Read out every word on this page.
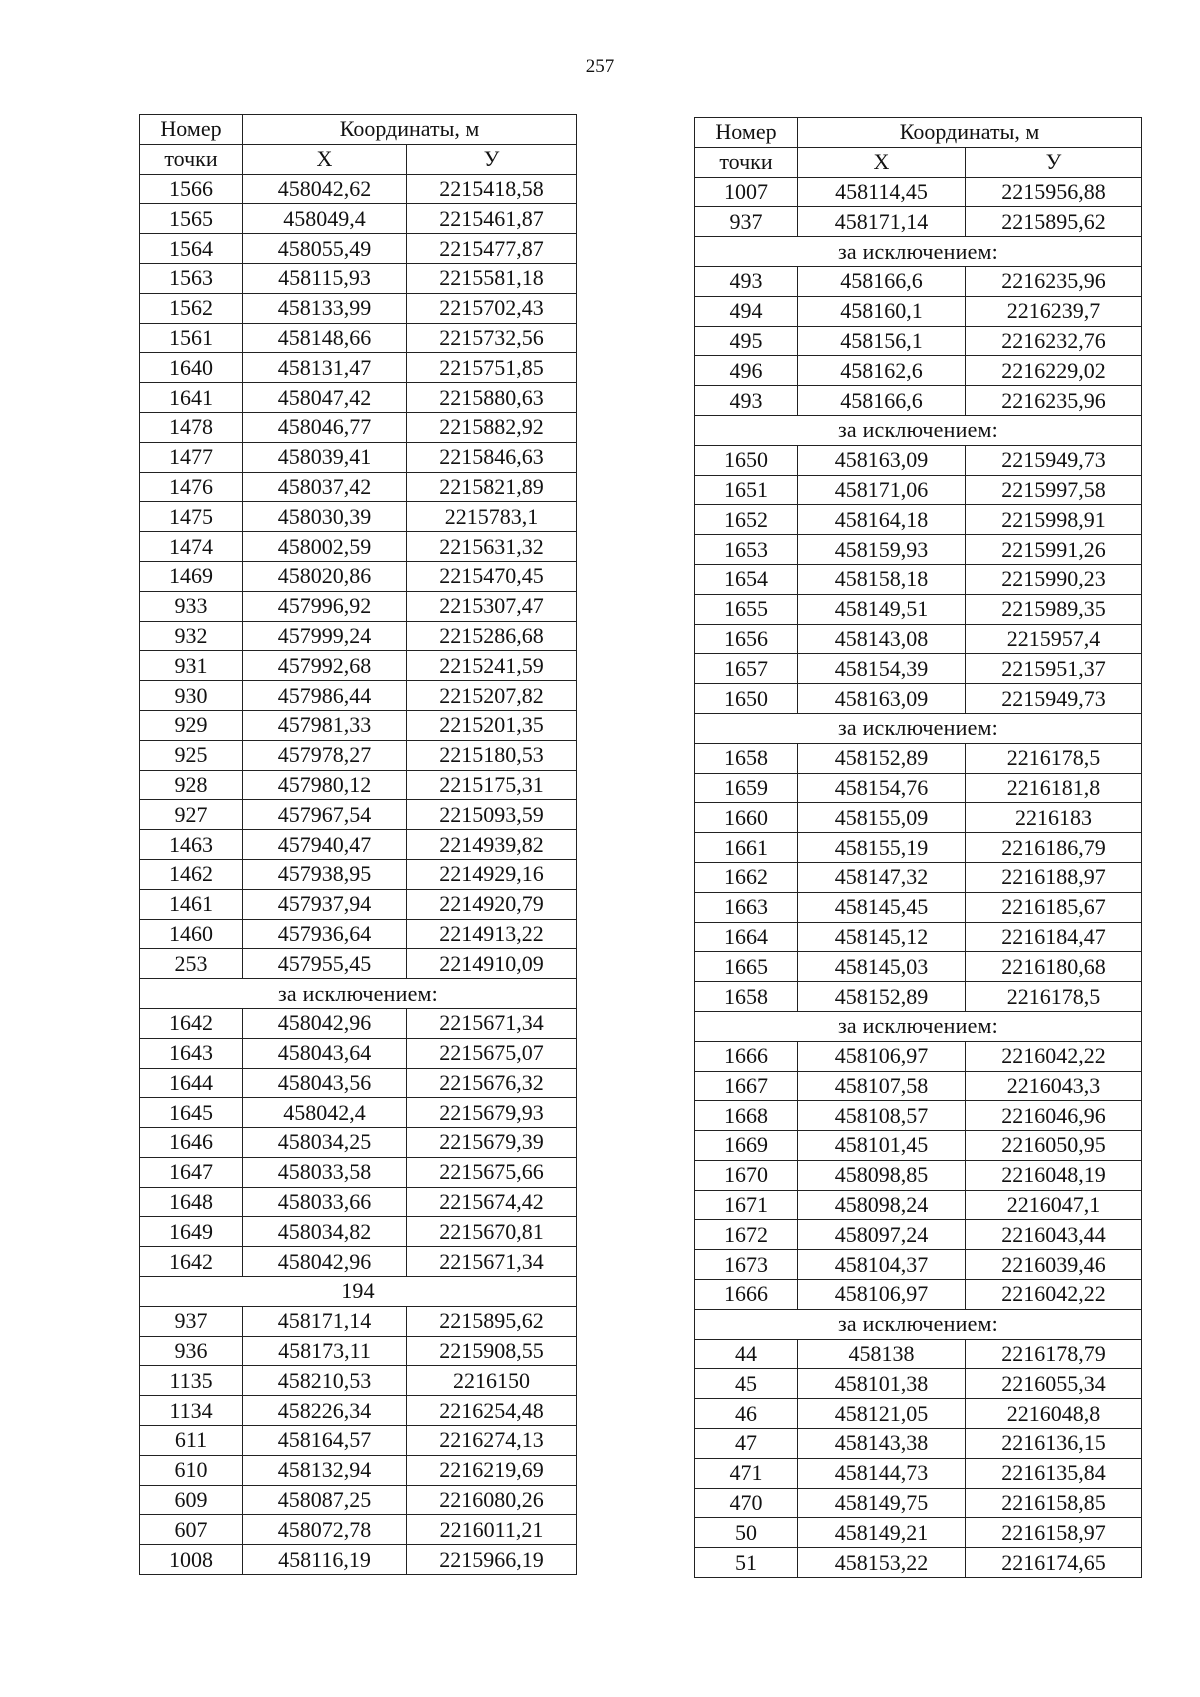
257
Номер	Координаты, м	
точки	Х	У
1566	458042,62	2215418,58
1565	458049,4	2215461,87
1564	458055,49	2215477,87
1563	458115,93	2215581,18
1562	458133,99	2215702,43
1561	458148,66	2215732,56
1640	458131,47	2215751,85
1641	458047,42	2215880,63
1478	458046,77	2215882,92
1477	458039,41	2215846,63
1476	458037,42	2215821,89
1475	458030,39	2215783,1
1474	458002,59	2215631,32
1469	458020,86	2215470,45
933	457996,92	2215307,47
932	457999,24	2215286,68
931	457992,68	2215241,59
930	457986,44	2215207,82
929	457981,33	2215201,35
925	457978,27	2215180,53
928	457980,12	2215175,31
927	457967,54	2215093,59
1463	457940,47	2214939,82
1462	457938,95	2214929,16
1461	457937,94	2214920,79
1460	457936,64	2214913,22
253	457955,45	2214910,09
за исключением:		
1642	458042,96	2215671,34
1643	458043,64	2215675,07
1644	458043,56	2215676,32
1645	458042,4	2215679,93
1646	458034,25	2215679,39
1647	458033,58	2215675,66
1648	458033,66	2215674,42
1649	458034,82	2215670,81
1642	458042,96	2215671,34
194		
937	458171,14	2215895,62
936	458173,11	2215908,55
1135	458210,53	2216150
1134	458226,34	2216254,48
611	458164,57	2216274,13
610	458132,94	2216219,69
609	458087,25	2216080,26
607	458072,78	2216011,21
1008	458116,19	2215966,19
Номер	Координаты, м	
точки	Х	У
1007	458114,45	2215956,88
937	458171,14	2215895,62
за исключением:		
493	458166,6	2216235,96
494	458160,1	2216239,7
495	458156,1	2216232,76
496	458162,6	2216229,02
493	458166,6	2216235,96
за исключением:		
1650	458163,09	2215949,73
1651	458171,06	2215997,58
1652	458164,18	2215998,91
1653	458159,93	2215991,26
1654	458158,18	2215990,23
1655	458149,51	2215989,35
1656	458143,08	2215957,4
1657	458154,39	2215951,37
1650	458163,09	2215949,73
за исключением:		
1658	458152,89	2216178,5
1659	458154,76	2216181,8
1660	458155,09	2216183
1661	458155,19	2216186,79
1662	458147,32	2216188,97
1663	458145,45	2216185,67
1664	458145,12	2216184,47
1665	458145,03	2216180,68
1658	458152,89	2216178,5
за исключением:		
1666	458106,97	2216042,22
1667	458107,58	2216043,3
1668	458108,57	2216046,96
1669	458101,45	2216050,95
1670	458098,85	2216048,19
1671	458098,24	2216047,1
1672	458097,24	2216043,44
1673	458104,37	2216039,46
1666	458106,97	2216042,22
за исключением:		
44	458138	2216178,79
45	458101,38	2216055,34
46	458121,05	2216048,8
47	458143,38	2216136,15
471	458144,73	2216135,84
470	458149,75	2216158,85
50	458149,21	2216158,97
51	458153,22	2216174,65
